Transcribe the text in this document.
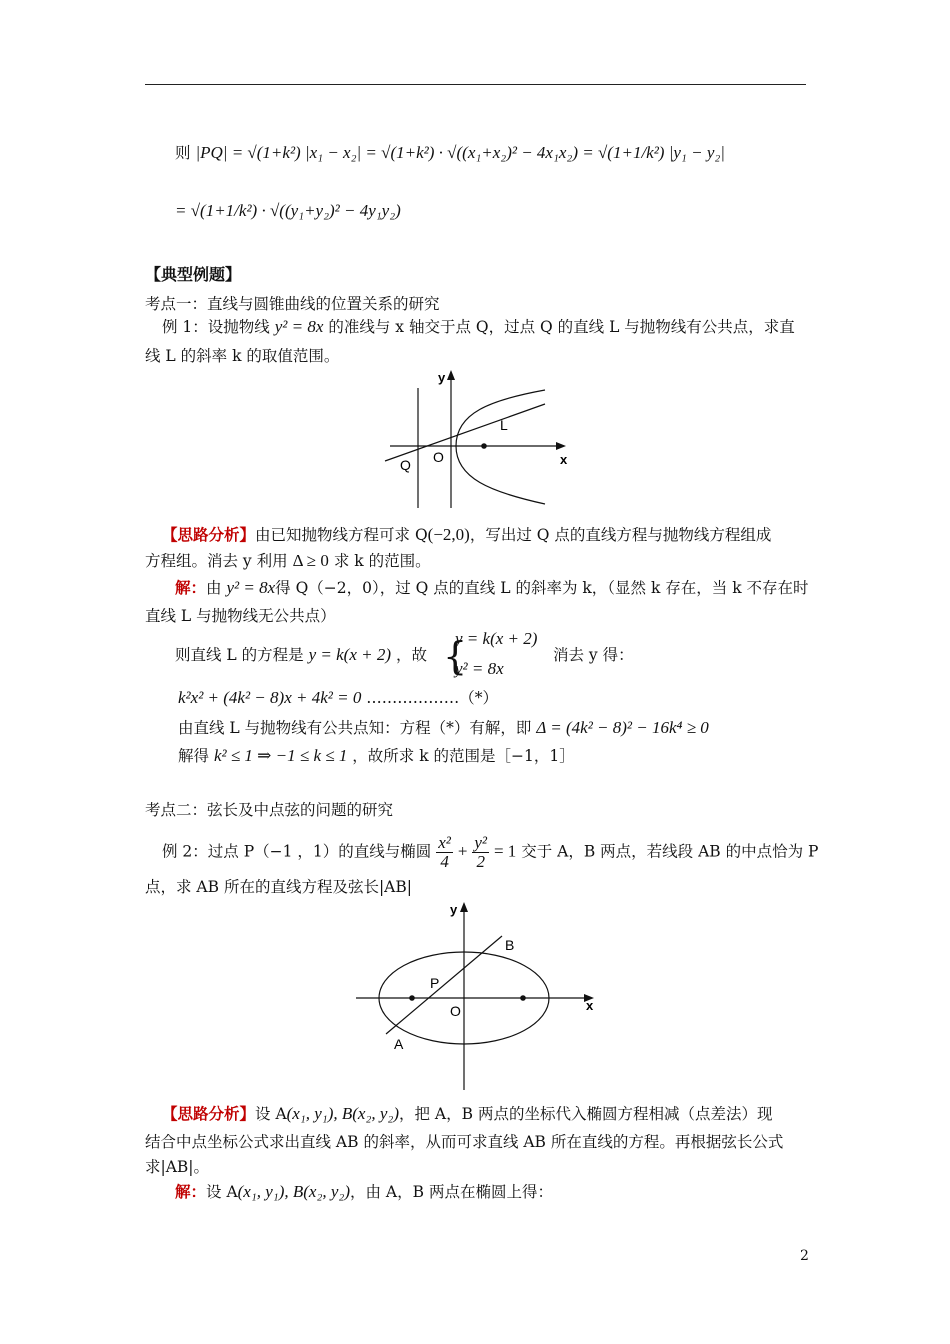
则 |PQ| = √(1+k²) |x₁ − x₂| = √(1+k²) · √((x₁+x₂)² − 4x₁x₂) = √(1+1/k²) |y₁ − y₂|
= √(1+1/k²) · √((y₁+y₂)² − 4y₁y₂)
【典型例题】
考点一：直线与圆锥曲线的位置关系的研究
例 1：设抛物线 y² = 8x 的准线与 x 轴交于点 Q，过点 Q 的直线 L 与抛物线有公共点，求直
线 L 的斜率 k 的取值范围。
y
x
L
Q O
【思路分析】由已知抛物线方程可求 Q(−2,0)，写出过 Q 点的直线方程与抛物线方程组成
方程组。消去 y 利用 Δ ≥ 0 求 k 的范围。
解：由 y² = 8x得 Q（−2，0），过 Q 点的直线 L 的斜率为 k，（显然 k 存在，当 k 不存在时
直线 L 与抛物线无公共点）
则直线 L 的方程是 y = k(x + 2) ，故 {
y = k(x + 2)
y² = 8x
消去 y 得：
k²x² + (4k² − 8)x + 4k² = 0 ………………（*）
由直线 L 与抛物线有公共点知：方程（*）有解，即 Δ = (4k² − 8)² − 16k⁴ ≥ 0
解得 k² ≤ 1 ⇒ −1 ≤ k ≤ 1 ，故所求 k 的范围是［−1，1］
考点二：弦长及中点弦的问题的研究
例 2：过点 P（−1 ，1）的直线与椭圆 $\frac{\text{x²}}{4} + \frac{\text{y²}}{2} = 1$ 交于 A，B 两点，若线段 AB 的中点恰为 P
点，求 AB 所在的直线方程及弦长|AB|
y
x
B
P
O
A
【思路分析】设 A(x₁, y₁), B(x₂, y₂)，把 A，B 两点的坐标代入椭圆方程相减（点差法）现
结合中点坐标公式求出直线 AB 的斜率，从而可求直线 AB 所在直线的方程。再根据弦长公式
求|AB|。
解：设 A(x₁, y₁), B(x₂, y₂)，由 A，B 两点在椭圆上得：
2
